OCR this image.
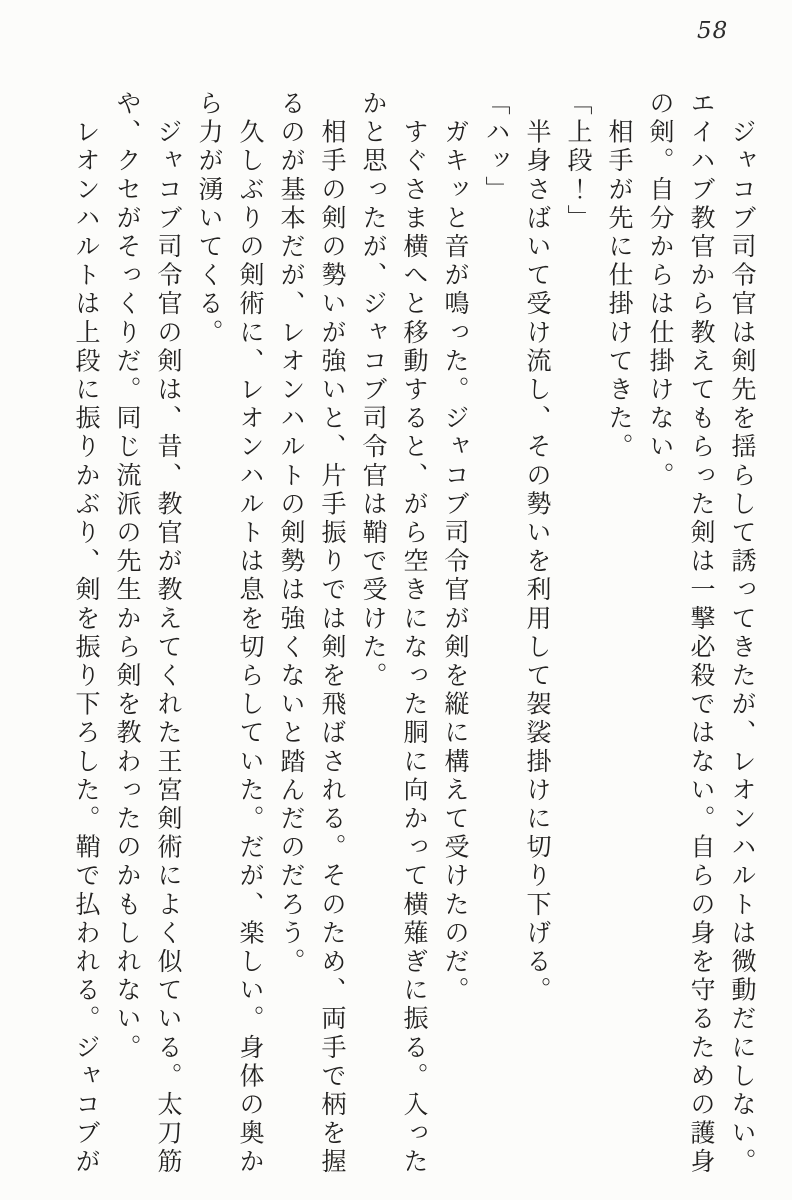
58

　ジャコブ司令官は剣先を揺らして誘ってきたが、レオンハルトは微動だにしない。

エイハブ教官から教えてもらった剣は一撃必殺ではない。自らの身を守るための護身

の剣。自分からは仕掛けない。

　相手が先に仕掛けてきた。

「上段！」

　半身さばいて受け流し、その勢いを利用して袈裟掛けに切り下げる。

「ハッ」

　ガキッと音が鳴った。ジャコブ司令官が剣を縦に構えて受けたのだ。

　すぐさま横へと移動すると、がら空きになった胴に向かって横薙ぎに振る。入った

かと思ったが、ジャコブ司令官は鞘で受けた。

　相手の剣の勢いが強いと、片手振りでは剣を飛ばされる。そのため、両手で柄を握

るのが基本だが、レオンハルトの剣勢は強くないと踏んだのだろう。

　久しぶりの剣術に、レオンハルトは息を切らしていた。だが、楽しい。身体の奥か

ら力が湧いてくる。

　ジャコブ司令官の剣は、昔、教官が教えてくれた王宮剣術によく似ている。太刀筋

や、クセがそっくりだ。同じ流派の先生から剣を教わったのかもしれない。

　レオンハルトは上段に振りかぶり、剣を振り下ろした。鞘で払われる。ジャコブが
